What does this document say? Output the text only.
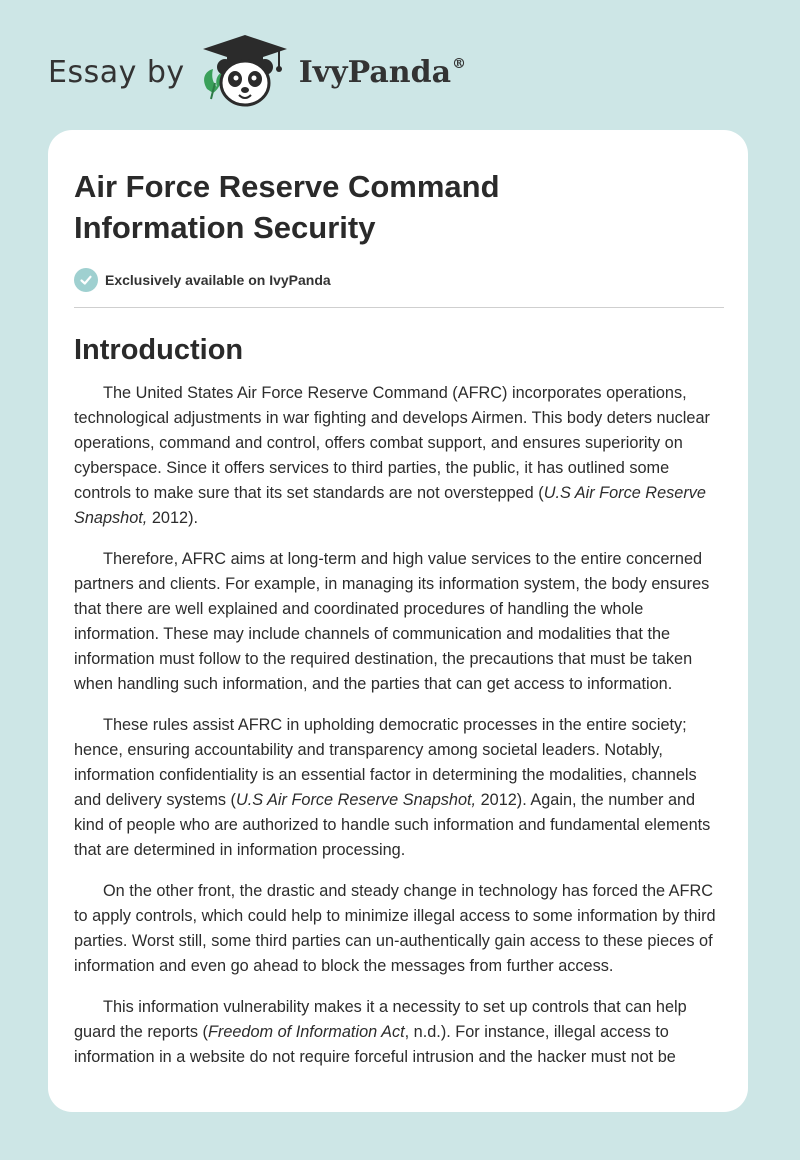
Essay by	IvyPanda®
Air Force Reserve Command
Information Security
Exclusively available on IvyPanda
Introduction

The United States Air Force Reserve Command (AFRC) incorporates operations, technological adjustments in war fighting and develops Airmen. This body deters nuclear operations, command and control, offers combat support, and ensures superiority on cyberspace. Since it offers services to third parties, the public, it has outlined some controls to make sure that its set standards are not overstepped (U.S Air Force Reserve Snapshot, 2012).

Therefore, AFRC aims at long-term and high value services to the entire concerned partners and clients. For example, in managing its information system, the body ensures that there are well explained and coordinated procedures of handling the whole information. These may include channels of communication and modalities that the information must follow to the required destination, the precautions that must be taken when handling such information, and the parties that can get access to information.

These rules assist AFRC in upholding democratic processes in the entire society; hence, ensuring accountability and transparency among societal leaders. Notably, information confidentiality is an essential factor in determining the modalities, channels and delivery systems (U.S Air Force Reserve Snapshot, 2012). Again, the number and kind of people who are authorized to handle such information and fundamental elements that are determined in information processing.

On the other front, the drastic and steady change in technology has forced the AFRC to apply controls, which could help to minimize illegal access to some information by third parties. Worst still, some third parties can un-authentically gain access to these pieces of information and even go ahead to block the messages from further access.

This information vulnerability makes it a necessity to set up controls that can help guard the reports (Freedom of Information Act, n.d.). For instance, illegal access to information in a website do not require forceful intrusion and the hacker must not be
